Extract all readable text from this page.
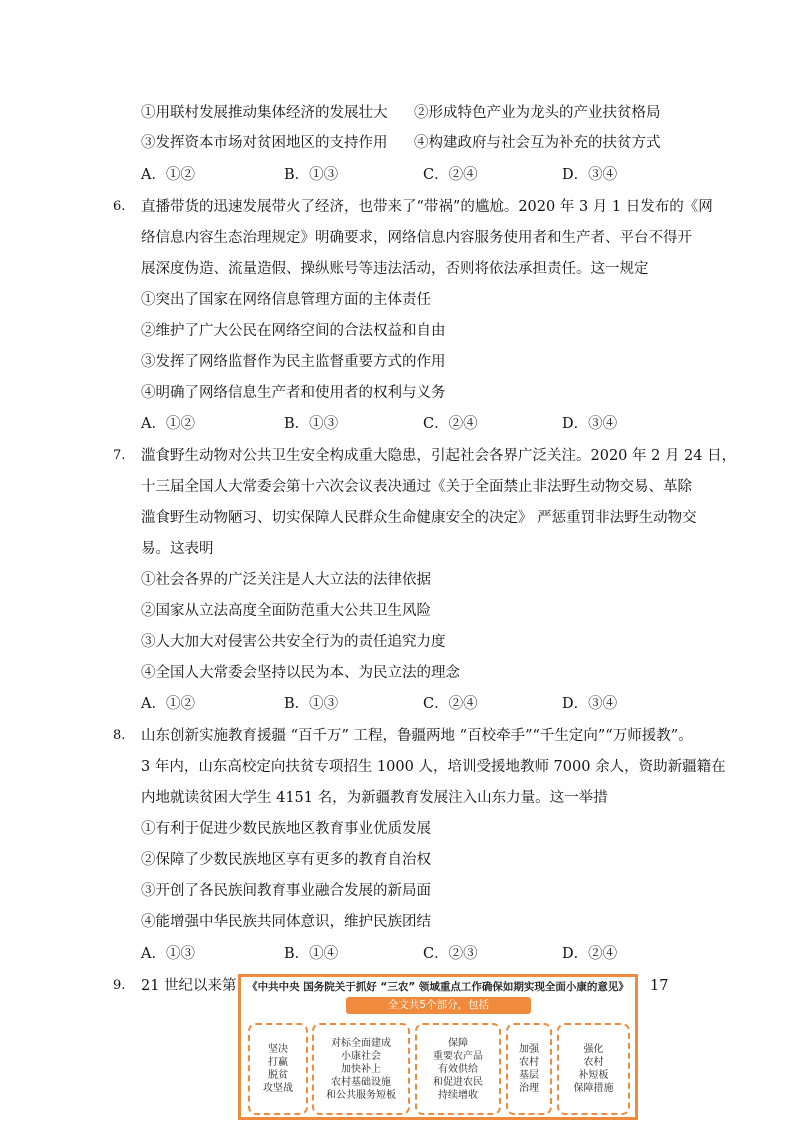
①用联村发展推动集体经济的发展壮大 ②形成特色产业为龙头的产业扶贫格局
③发挥资本市场对贫困地区的支持作用 ④构建政府与社会互为补充的扶贫方式
A．①②	B．①③	C．②④	D．③④
6. 直播带货的迅速发展带火了经济，也带来了“带祸”的尴尬。2020 年 3 月 1 日发布的《网
络信息内容生态治理规定》明确要求，网络信息内容服务使用者和生产者、平台不得开
展深度伪造、流量造假、操纵账号等违法活动，否则将依法承担责任。这一规定
①突出了国家在网络信息管理方面的主体责任
②维护了广大公民在网络空间的合法权益和自由
③发挥了网络监督作为民主监督重要方式的作用
④明确了网络信息生产者和使用者的权利与义务
A．①②	B．①③	C．②④	D．③④
7. 滥食野生动物对公共卫生安全构成重大隐患，引起社会各界广泛关注。2020 年 2 月 24 日，
十三届全国人大常委会第十六次会议表决通过《关于全面禁止非法野生动物交易、革除
滥食野生动物陋习、切实保障人民群众生命健康安全的决定》 严惩重罚非法野生动物交
易。这表明
①社会各界的广泛关注是人大立法的法律依据
②国家从立法高度全面防范重大公共卫生风险
③人大加大对侵害公共安全行为的责任追究力度
④全国人大常委会坚持以民为本、为民立法的理念
A．①②	B．①③	C．②④	D．③④
8. 山东创新实施教育援疆 “百千万” 工程，鲁疆两地 “百校牵手”“千生定向”“万师援教”。
3 年内，山东高校定向扶贫专项招生 1000 人，培训受援地教师 7000 余人，资助新疆籍在
内地就读贫困大学生 4151 名，为新疆教育发展注入山东力量。这一举措
①有利于促进少数民族地区教育事业优质发展
②保障了少数民族地区享有更多的教育自治权
③开创了各民族间教育事业融合发展的新局面
④能增强中华民族共同体意识，维护民族团结
A．①③	B．①④	C．②③	D．②④
9. 21 世纪以来第	17
《中共中央 国务院关于抓好 “三农” 领域重点工作确保如期实现全面小康的意见》
全文共5个部分，包括
坚决
打赢
脱贫
攻坚战
对标全面建成
小康社会
加快补上
农村基础设施
和公共服务短板
保障
重要农产品
有效供给
和促进农民
持续增收
加强
农村
基层
治理
强化
农村
补短板
保障措施
